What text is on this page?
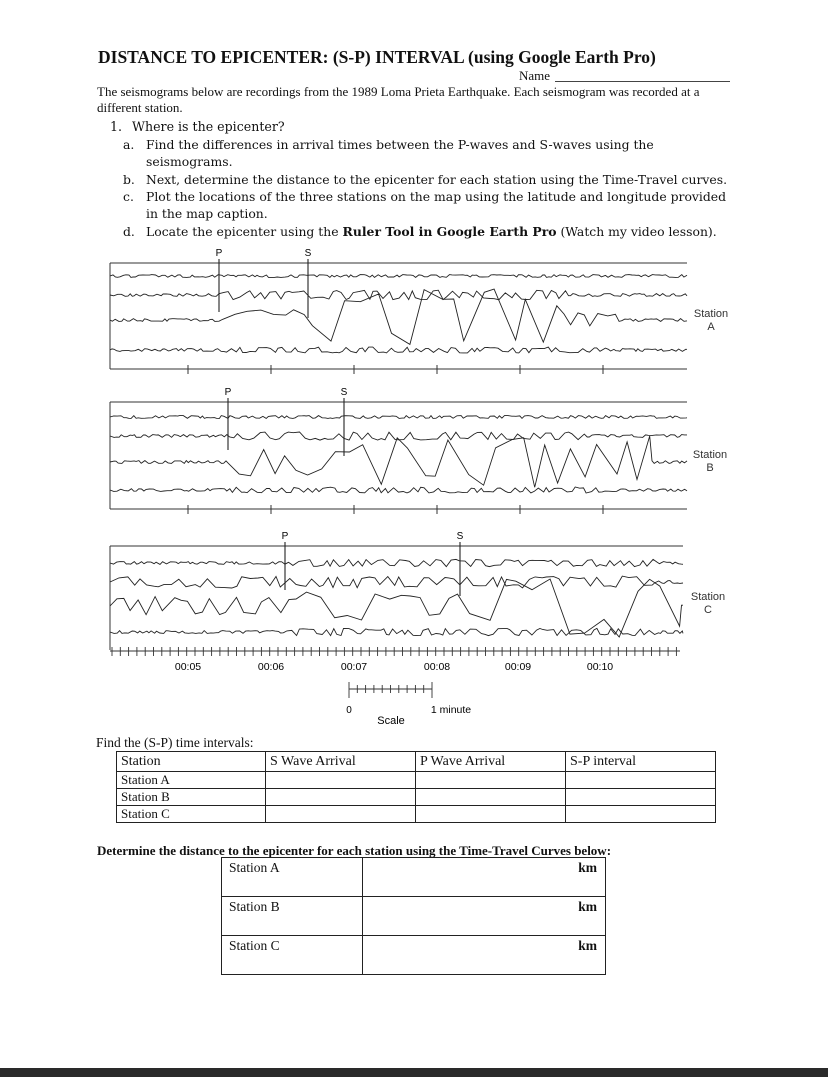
DISTANCE TO EPICENTER: (S-P) INTERVAL (using Google Earth Pro)
Name
The seismograms below are recordings from the 1989 Loma Prieta Earthquake. Each seismogram was recorded at a different station.
1. Where is the epicenter?
a. Find the differences in arrival times between the P-waves and S-waves using the seismograms.
b. Next, determine the distance to the epicenter for each station using the Time-Travel curves.
c. Plot the locations of the three stations on the map using the latitude and longitude provided in the map caption.
d. Locate the epicenter using the Ruler Tool in Google Earth Pro (Watch my video lesson).
P	S
Station
A
P	S
Station
B
P	S
Station
C
00:05	00:06	00:07	00:08	00:09	00:10
0	1 minute
Scale
Find the (S-P) time intervals:
Station	S Wave Arrival	P Wave Arrival	S-P interval
Station A			
Station B			
Station C			
Determine the distance to the epicenter for each station using the Time-Travel Curves below:
Station A	km
Station B	km
Station C	km
